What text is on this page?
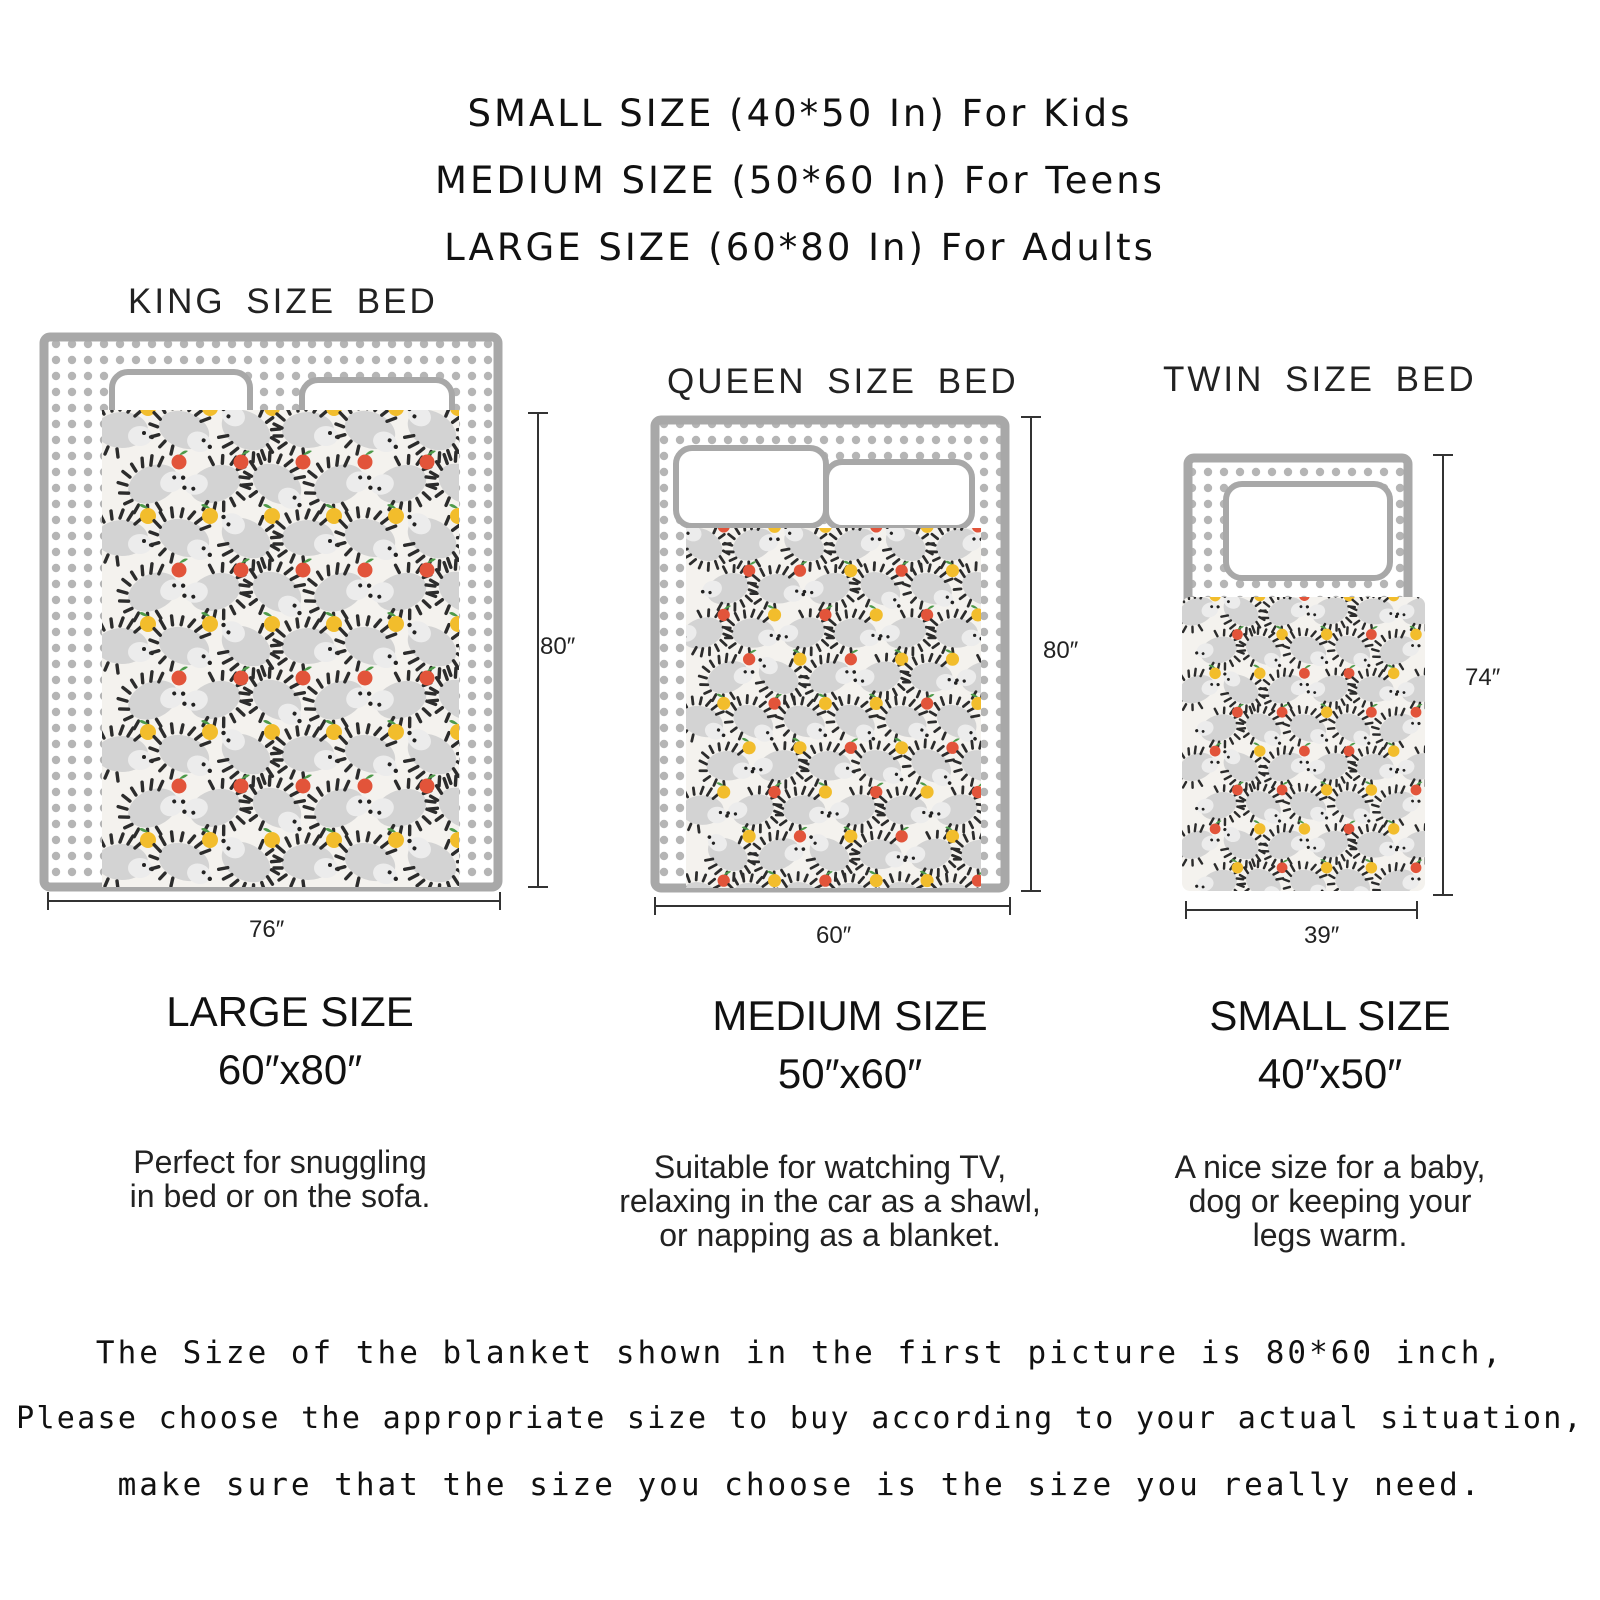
SMALL SIZE (40*50 In) For Kids
MEDIUM SIZE (50*60 In) For Teens
LARGE SIZE (60*80 In) For Adults
KING SIZE BED
QUEEN SIZE BED	TWIN SIZE BED
80″
76″
80″
60″
74″
39″
LARGE SIZE
60″x80″
MEDIUM SIZE
50″x60″
SMALL SIZE
40″x50″
Perfect for snuggling
in bed or on the sofa.
Suitable for watching TV,
relaxing in the car as a shawl,
or napping as a blanket.
A nice size for a baby,
dog or keeping your
legs warm.
The Size of the blanket shown in the first picture is 80*60 inch,
Please choose the appropriate size to buy according to your actual situation,
make sure that the size you choose is the size you really need.
